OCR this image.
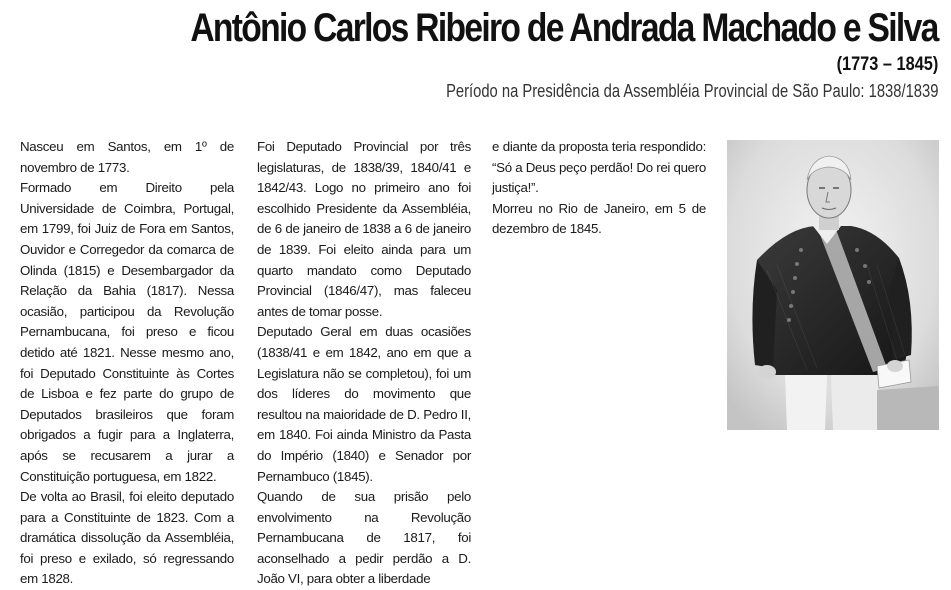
Antônio Carlos Ribeiro de Andrada Machado e Silva
(1773 – 1845)
Período na Presidência da Assembléia Provincial de São Paulo: 1838/1839

Nasceu em Santos, em 1º de novembro de 1773.

Formado em Direito pela Universidade de Coimbra, Portugal, em 1799, foi Juiz de Fora em Santos, Ouvidor e Corregedor da comarca de Olinda (1815) e Desembargador da Relação da Bahia (1817). Nessa ocasião, participou da Revolução Pernambucana, foi preso e ficou detido até 1821. Nesse mesmo ano, foi Deputado Constituinte às Cortes de Lisboa e fez parte do grupo de Deputados brasileiros que foram obrigados a fugir para a Inglaterra, após se recusarem a jurar a Constituição portuguesa, em 1822.

De volta ao Brasil, foi eleito deputado para a Constituinte de 1823. Com a dramática dissolução da Assembléia, foi preso e exilado, só regressando em 1828.

Foi Deputado Provincial por três legislaturas, de 1838/39, 1840/41 e 1842/43. Logo no primeiro ano foi escolhido Presidente da Assembléia, de 6 de janeiro de 1838 a 6 de janeiro de 1839. Foi eleito ainda para um quarto mandato como Deputado Provincial (1846/47), mas faleceu antes de tomar posse.

Deputado Geral em duas ocasiões (1838/41 e em 1842, ano em que a Legislatura não se completou), foi um dos líderes do movimento que resultou na maioridade de D. Pedro II, em 1840. Foi ainda Ministro da Pasta do Império (1840) e Senador por Pernambuco (1845).

Quando de sua prisão pelo envolvimento na Revolução Pernambucana de 1817, foi aconselhado a pedir perdão a D. João VI, para obter a liberdade

e diante da proposta teria respondido: “Só a Deus peço perdão! Do rei quero justiça!”.

Morreu no Rio de Janeiro, em 5 de dezembro de 1845.
